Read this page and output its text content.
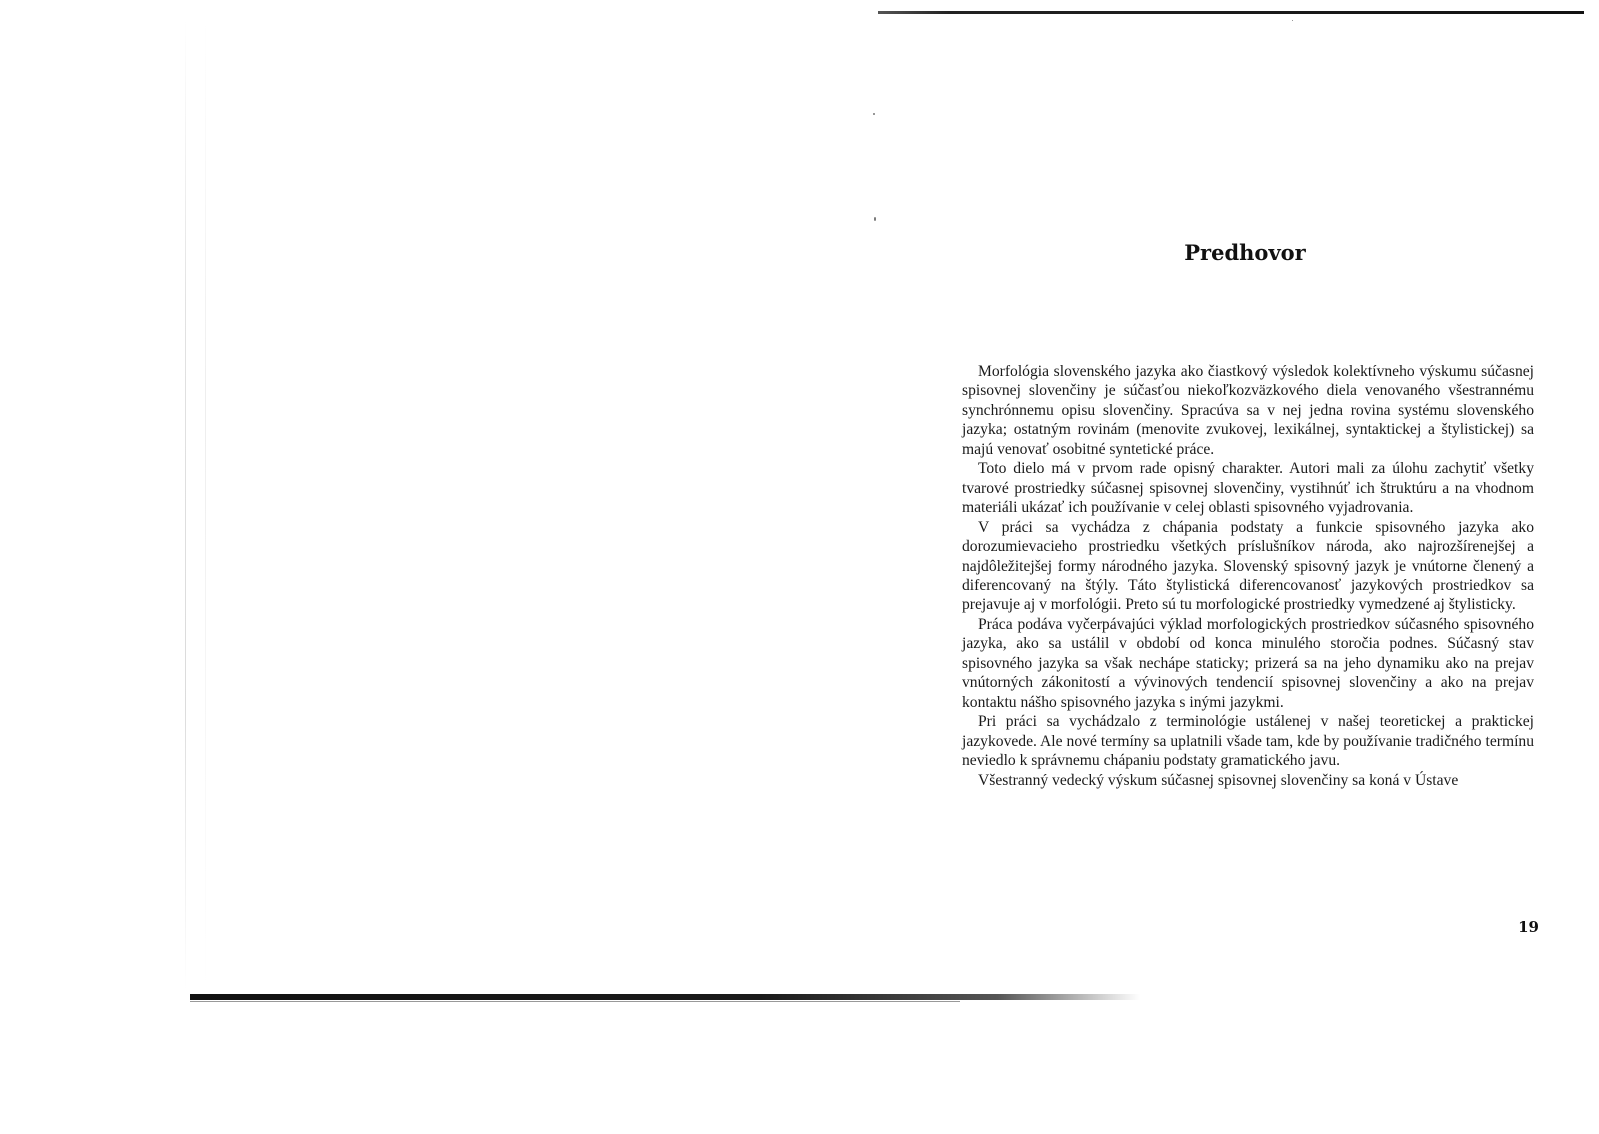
Predhovor

Morfológia slovenského jazyka ako čiastkový výsledok kolektívneho výskumu súčasnej spisovnej slovenčiny je súčasťou niekoľkozväzkového diela venovaného všestrannému synchrónnemu opisu slovenčiny. Spracúva sa v nej jedna rovina systému slovenského jazyka; ostatným rovinám (menovite zvukovej, lexikálnej, syntaktickej a štylistickej) sa majú venovať osobitné syntetické práce.

Toto dielo má v prvom rade opisný charakter. Autori mali za úlohu zachytiť všetky tvarové prostriedky súčasnej spisovnej slovenčiny, vystihnúť ich štruktúru a na vhodnom materiáli ukázať ich používanie v celej oblasti spisovného vyjadrovania.

V práci sa vychádza z chápania podstaty a funkcie spisovného jazyka ako dorozumievacieho prostriedku všetkých príslušníkov národa, ako najrozšírenejšej a najdôležitejšej formy národného jazyka. Slovenský spisovný jazyk je vnútorne členený a diferencovaný na štýly. Táto štylistická diferencovanosť jazykových prostriedkov sa prejavuje aj v morfológii. Preto sú tu morfologické prostriedky vymedzené aj štylisticky.

Práca podáva vyčerpávajúci výklad morfologických prostriedkov súčasného spisovného jazyka, ako sa ustálil v období od konca minulého storočia podnes. Súčasný stav spisovného jazyka sa však nechápe staticky; prizerá sa na jeho dynamiku ako na prejav vnútorných zákonitostí a vývinových tendencií spisovnej slovenčiny a ako na prejav kontaktu nášho spisovného jazyka s inými jazykmi.

Pri práci sa vychádzalo z terminológie ustálenej v našej teoretickej a praktickej jazykovede. Ale nové termíny sa uplatnili všade tam, kde by používanie tradičného termínu neviedlo k správnemu chápaniu podstaty gramatického javu.

Všestranný vedecký výskum súčasnej spisovnej slovenčiny sa koná v Ústave

19
